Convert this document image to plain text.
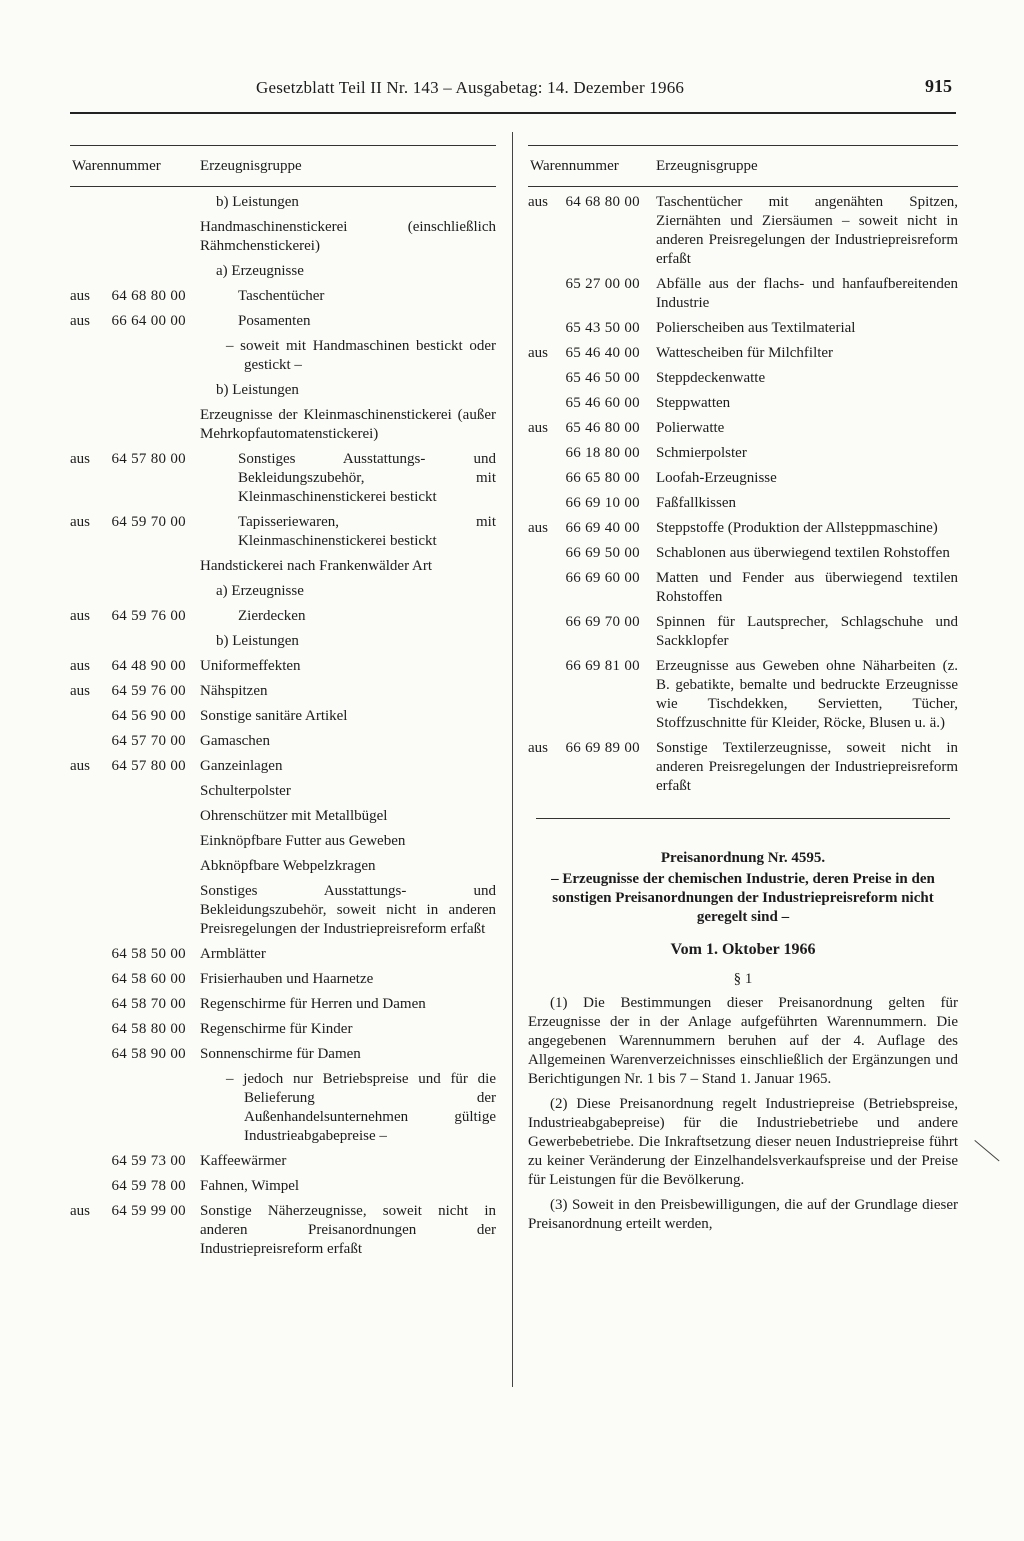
Gesetzblatt Teil II Nr. 143 – Ausgabetag: 14. Dezember 1966	915
Warennummer	Erzeugnisgruppe
b) Leistungen
Handmaschinenstickerei (einschließlich Rähmchenstickerei)
a) Erzeugnisse
aus	64 68 80 00	Taschentücher
aus	66 64 00 00	Posamenten
– soweit mit Handmaschinen bestickt oder gestickt –
b) Leistungen
Erzeugnisse der Kleinmaschinenstickerei (außer Mehrkopfautomatenstickerei)
aus	64 57 80 00	Sonstiges Ausstattungs- und Bekleidungszubehör, mit Kleinmaschinenstickerei bestickt
aus	64 59 70 00	Tapisseriewaren, mit Kleinmaschinenstickerei bestickt
Handstickerei nach Frankenwälder Art
a) Erzeugnisse
aus	64 59 76 00	Zierdecken
b) Leistungen
aus	64 48 90 00 Uniformeffekten
aus	64 59 76 00 Nähspitzen
64 56 90 00 Sonstige sanitäre Artikel
64 57 70 00 Gamaschen
aus	64 57 80 00 Ganzeinlagen
Schulterpolster
Ohrenschützer mit Metallbügel
Einknöpfbare Futter aus Geweben
Abknöpfbare Webpelzkragen
Sonstiges Ausstattungs- und Bekleidungszubehör, soweit nicht in anderen Preisregelungen der Industriepreisreform erfaßt
64 58 50 00 Armblätter
64 58 60 00 Frisierhauben und Haarnetze
64 58 70 00 Regenschirme für Herren und Damen
64 58 80 00 Regenschirme für Kinder
64 58 90 00 Sonnenschirme für Damen
– jedoch nur Betriebspreise und für die Belieferung der Außenhandelsunternehmen gültige Industrieabgabepreise –
64 59 73 00 Kaffeewärmer
64 59 78 00 Fahnen, Wimpel
aus	64 59 99 00 Sonstige Näherzeugnisse, soweit nicht in anderen Preisanordnungen der Industriepreisreform erfaßt
Warennummer Erzeugnisgruppe
aus	64 68 80 00 Taschentücher mit angenähten Spitzen, Ziernähten und Ziersäumen – soweit nicht in anderen Preisregelungen der Industriepreisreform erfaßt
65 27 00 00 Abfälle aus der flachs- und hanfaufbereitenden Industrie
65 43 50 00 Polierscheiben aus Textilmaterial
aus	65 46 40 00 Wattescheiben für Milchfilter
65 46 50 00 Steppdeckenwatte
65 46 60 00 Steppwatten
aus	65 46 80 00 Polierwatte
66 18 80 00 Schmierpolster
66 65 80 00 Loofah-Erzeugnisse
66 69 10 00 Faßfallkissen
aus	66 69 40 00 Steppstoffe (Produktion der Allsteppmaschine)
66 69 50 00 Schablonen aus überwiegend textilen Rohstoffen
66 69 60 00 Matten und Fender aus überwiegend textilen Rohstoffen
66 69 70 00 Spinnen für Lautsprecher, Schlagschuhe und Sackklopfer
66 69 81 00 Erzeugnisse aus Geweben ohne Näharbeiten (z. B. gebatikte, bemalte und bedruckte Erzeugnisse wie Tischdekken, Servietten, Tücher, Stoffzuschnitte für Kleider, Röcke, Blusen u. ä.)
aus	66 69 89 00 Sonstige Textilerzeugnisse, soweit nicht in anderen Preisregelungen der Industriepreisreform erfaßt
Preisanordnung Nr. 4595.
– Erzeugnisse der chemischen Industrie, deren Preise in den sonstigen Preisanordnungen der Industriepreisreform nicht geregelt sind –
Vom 1. Oktober 1966
§ 1
(1) Die Bestimmungen dieser Preisanordnung gelten für Erzeugnisse der in der Anlage aufgeführten Warennummern. Die angegebenen Warennummern beruhen auf der 4. Auflage des Allgemeinen Warenverzeichnisses einschließlich der Ergänzungen und Berichtigungen Nr. 1 bis 7 – Stand 1. Januar 1965.
(2) Diese Preisanordnung regelt Industriepreise (Betriebspreise, Industrieabgabepreise) für die Industriebetriebe und andere Gewerbebetriebe. Die Inkraftsetzung dieser neuen Industriepreise führt zu keiner Veränderung der Einzelhandelsverkaufspreise und der Preise für Leistungen für die Bevölkerung.
(3) Soweit in den Preisbewilligungen, die auf der Grundlage dieser Preisanordnung erteilt werden,
